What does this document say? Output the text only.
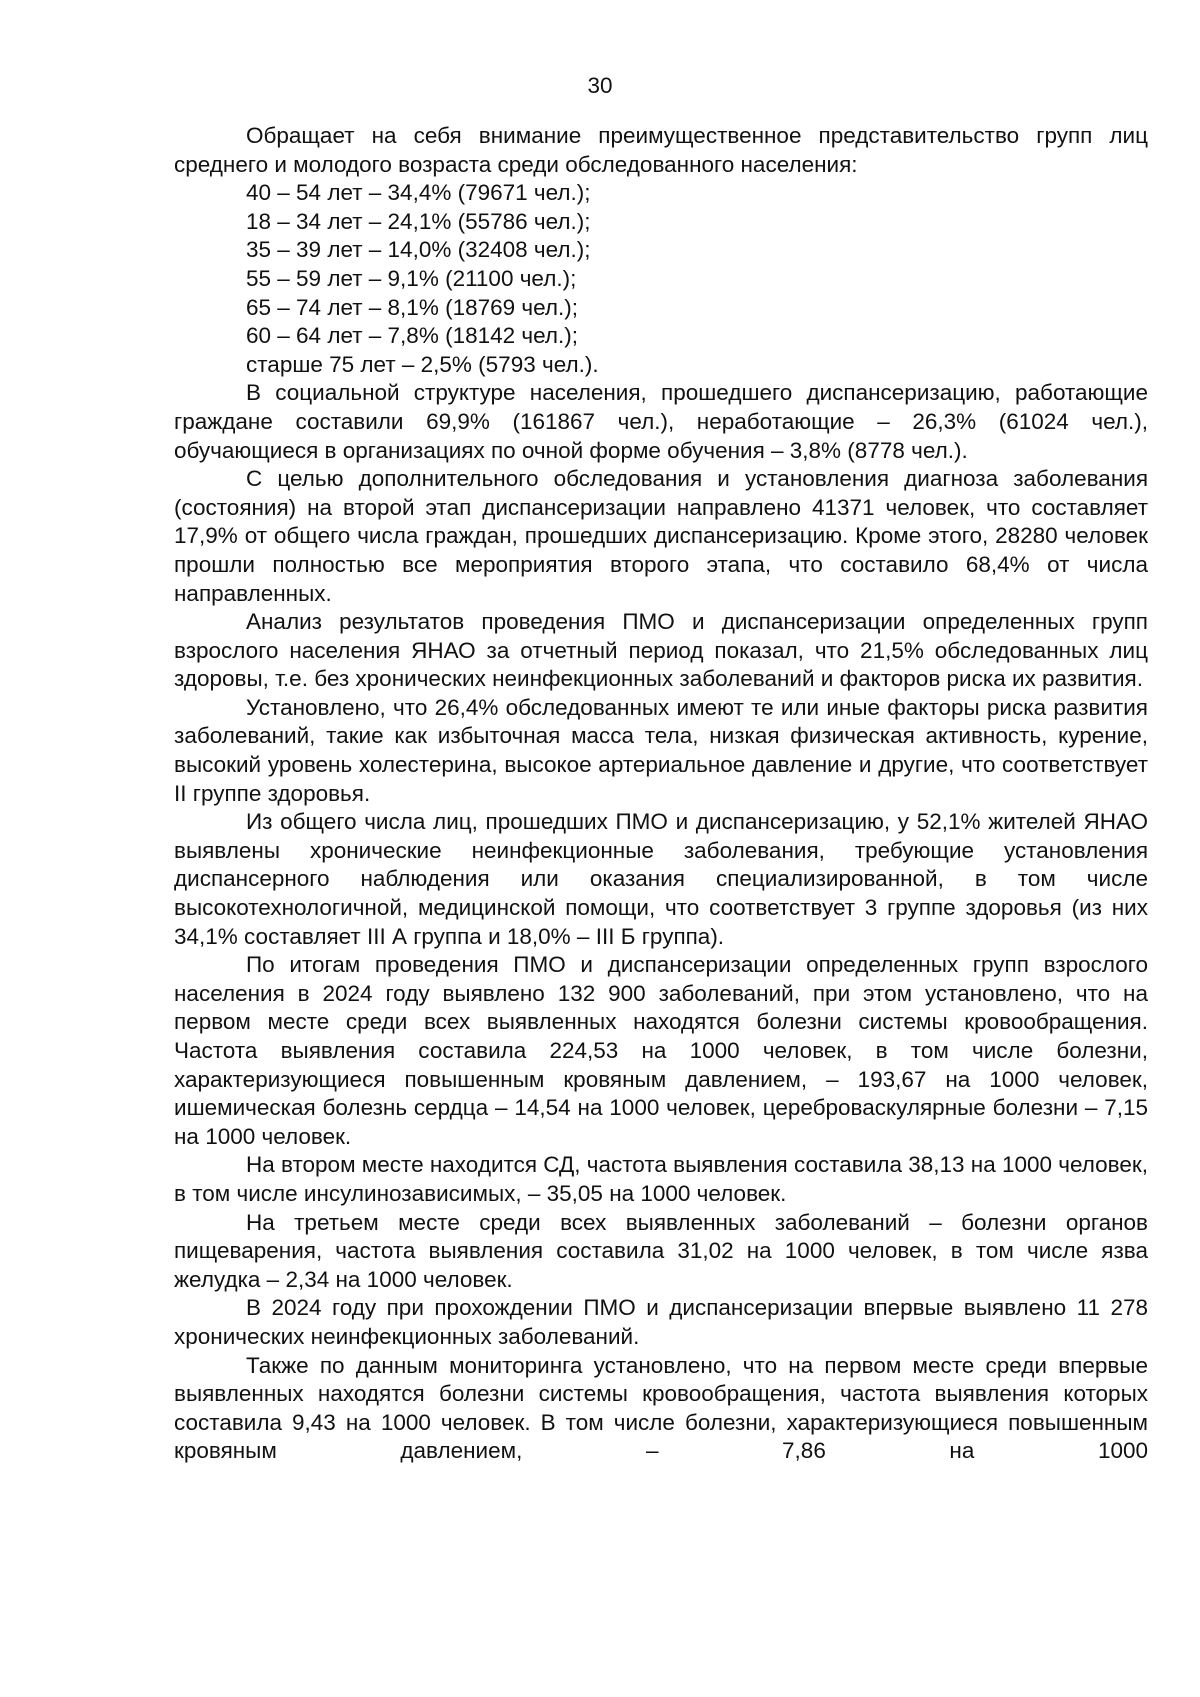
30

Обращает на себя внимание преимущественное представительство групп лиц среднего и молодого возраста среди обследованного населения:

40 – 54 лет – 34,4% (79671 чел.);
18 – 34 лет – 24,1% (55786 чел.);
35 – 39 лет – 14,0% (32408 чел.);
55 – 59 лет – 9,1% (21100 чел.);
65 – 74 лет – 8,1% (18769 чел.);
60 – 64 лет – 7,8% (18142 чел.);
старше 75 лет – 2,5% (5793 чел.).

В социальной структуре населения, прошедшего диспансеризацию, работающие граждане составили 69,9% (161867 чел.), неработающие – 26,3% (61024 чел.), обучающиеся в организациях по очной форме обучения – 3,8% (8778 чел.).

С целью дополнительного обследования и установления диагноза заболевания (состояния) на второй этап диспансеризации направлено 41371 человек, что составляет 17,9% от общего числа граждан, прошедших диспансеризацию. Кроме этого, 28280 человек прошли полностью все мероприятия второго этапа, что составило 68,4% от числа направленных.

Анализ результатов проведения ПМО и диспансеризации определенных групп взрослого населения ЯНАО за отчетный период показал, что 21,5% обследованных лиц здоровы, т.е. без хронических неинфекционных заболеваний и факторов риска их развития.

Установлено, что 26,4% обследованных имеют те или иные факторы риска развития заболеваний, такие как избыточная масса тела, низкая физическая активность, курение, высокий уровень холестерина, высокое артериальное давление и другие, что соответствует II группе здоровья.

Из общего числа лиц, прошедших ПМО и диспансеризацию, у 52,1% жителей ЯНАО выявлены хронические неинфекционные заболевания, требующие установления диспансерного наблюдения или оказания специализированной, в том числе высокотехнологичной, медицинской помощи, что соответствует 3 группе здоровья (из них 34,1% составляет III А группа и 18,0% – III Б группа).

По итогам проведения ПМО и диспансеризации определенных групп взрослого населения в 2024 году выявлено 132 900 заболеваний, при этом установлено, что на первом месте среди всех выявленных находятся болезни системы кровообращения. Частота выявления составила 224,53 на 1000 человек, в том числе болезни, характеризующиеся повышенным кровяным давлением, – 193,67 на 1000 человек, ишемическая болезнь сердца – 14,54 на 1000 человек, цереброваскулярные болезни – 7,15 на 1000 человек.

На втором месте находится СД, частота выявления составила 38,13 на 1000 человек, в том числе инсулинозависимых, – 35,05 на 1000 человек.

На третьем месте среди всех выявленных заболеваний – болезни органов пищеварения, частота выявления составила 31,02 на 1000 человек, в том числе язва желудка – 2,34 на 1000 человек.

В 2024 году при прохождении ПМО и диспансеризации впервые выявлено 11 278 хронических неинфекционных заболеваний.

Также по данным мониторинга установлено, что на первом месте среди впервые выявленных находятся болезни системы кровообращения, частота выявления которых составила 9,43 на 1000 человек. В том числе болезни, характеризующиеся повышенным кровяным давлением, – 7,86 на 1000
